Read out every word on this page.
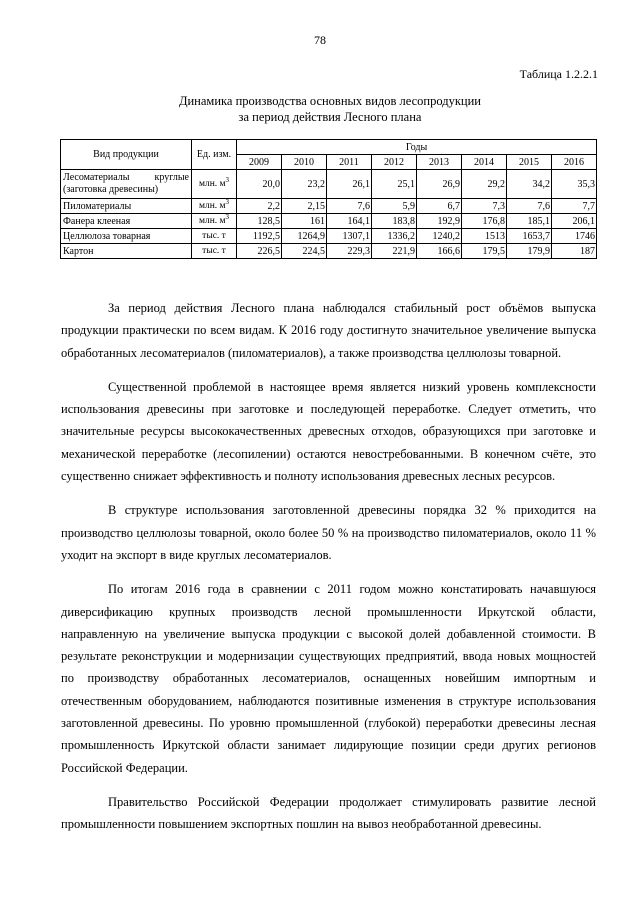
78
Таблица 1.2.2.1
Динамика производства основных видов лесопродукции
за период действия Лесного плана
Вид продукции	Ед. изм.	Годы							
		2009	2010	2011	2012	2013	2014	2015	2016

Лесоматериалы круглые
(заготовка древесины)	млн. $м^3$	20,0	23,2	26,1	25,1	26,9	29,2	34,2	35,3
Пиломатериалы	млн. $м^3$	2,2	2,15	7,6	5,9	6,7	7,3	7,6	7,7
Фанера клееная	млн. $м^3$	128,5	161	164,1	183,8	192,9	176,8	185,1	206,1
Целлюлоза товарная	тыс. т	1192,5	1264,9	1307,1	1336,2	1240,2	1513	1653,7	1746
Картон	тыс. т	226,5	224,5	229,3	221,9	166,6	179,5	179,9	187

За период действия Лесного плана наблюдался стабильный рост объёмов выпуска продукции практически по всем видам. К 2016 году достигнуто значительное увеличение выпуска обработанных лесоматериалов (пиломатериалов), а также производства целлюлозы товарной.

Существенной проблемой в настоящее время является низкий уровень комплексности использования древесины при заготовке и последующей переработке. Следует отметить, что значительные ресурсы высококачественных древесных отходов, образующихся при заготовке и механической переработке (лесопилении) остаются невостребованными. В конечном счёте, это существенно снижает эффективность и полноту использования древесных лесных ресурсов.

В структуре использования заготовленной древесины порядка 32 % приходится на производство целлюлозы товарной, около более 50 % на производство пиломатериалов, около 11 % уходит на экспорт в виде круглых лесоматериалов.

По итогам 2016 года в сравнении с 2011 годом можно констатировать начавшуюся диверсификацию крупных производств лесной промышленности Иркутской области, направленную на увеличение выпуска продукции с высокой долей добавленной стоимости. В результате реконструкции и модернизации существующих предприятий, ввода новых мощностей по производству обработанных лесоматериалов, оснащенных новейшим импортным и отечественным оборудованием, наблюдаются позитивные изменения в структуре использования заготовленной древесины. По уровню промышленной (глубокой) переработки древесины лесная промышленность Иркутской области занимает лидирующие позиции среди других регионов Российской Федерации.

Правительство Российской Федерации продолжает стимулировать развитие лесной промышленности повышением экспортных пошлин на вывоз необработанной древесины.
